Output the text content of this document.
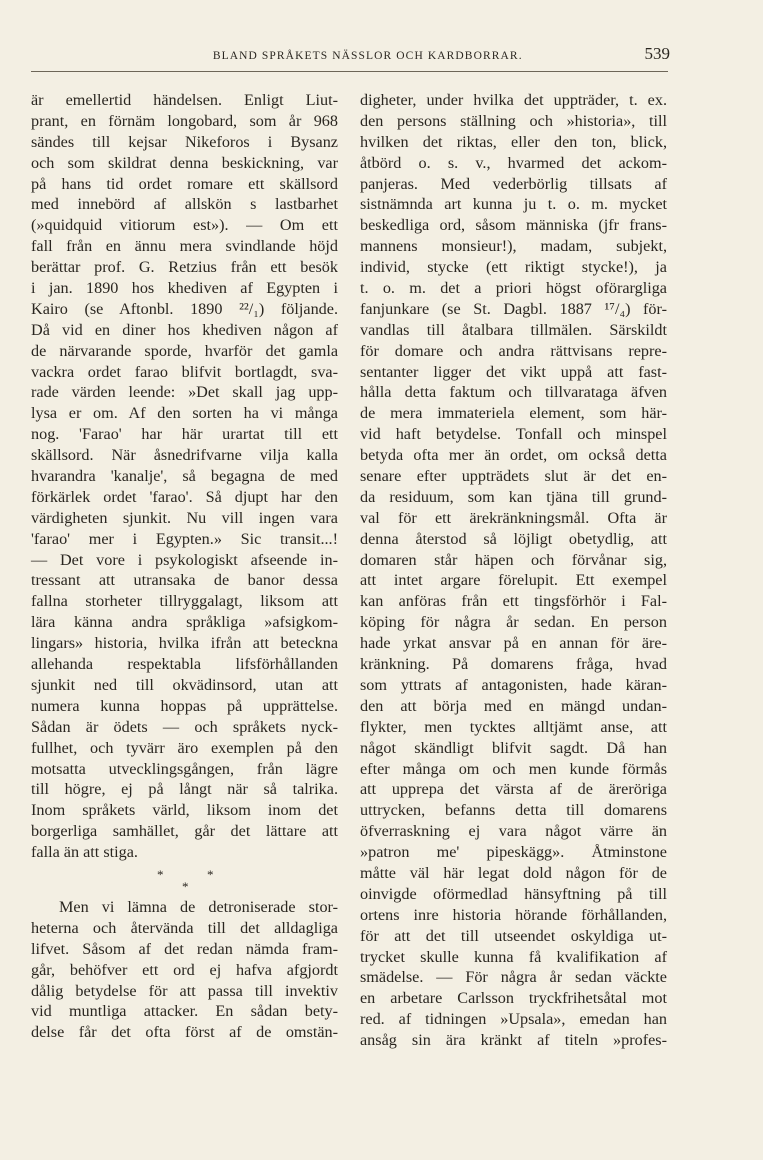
BLAND SPRÅKETS NÄSSLOR OCH KARDBORRAR.	539
är emellertid händelsen. Enligt Liut-
prant, en förnäm longobard, som år 968
sändes till kejsar Nikeforos i Bysanz
och som skildrat denna beskickning, var
på hans tid ordet romare ett skällsord
med innebörd af allskön s lastbarhet
(»quidquid vitiorum est»). — Om ett
fall från en ännu mera svindlande höjd
berättar prof. G. Retzius från ett besök
i jan. 1890 hos khediven af Egypten i
Kairo (se Aftonbl. 1890 ²²/₁) följande.
Då vid en diner hos khediven någon af
de närvarande sporde, hvarför det gamla
vackra ordet farao blifvit bortlagdt, sva-
rade värden leende: »Det skall jag upp-
lysa er om. Af den sorten ha vi många
nog. 'Farao' har här urartat till ett
skällsord. När åsnedrifvarne vilja kalla
hvarandra 'kanalje', så begagna de med
förkärlek ordet 'farao'. Så djupt har den
värdigheten sjunkit. Nu vill ingen vara
'farao' mer i Egypten.» Sic transit...!
— Det vore i psykologiskt afseende in-
tressant att utransaka de banor dessa
fallna storheter tillryggalagt, liksom att
lära känna andra språkliga »afsigkom-
lingars» historia, hvilka ifrån att beteckna
allehanda respektabla lifsförhållanden
sjunkit ned till okvädinsord, utan att
numera kunna hoppas på upprättelse.
Sådan är ödets — och språkets nyck-
fullhet, och tyvärr äro exemplen på den
motsatta utvecklingsgången, från lägre
till högre, ej på långt när så talrika.
Inom språkets värld, liksom inom det
borgerliga samhället, går det lättare att
falla än att stiga.
*	*
*
Men vi lämna de detroniserade stor-
heterna och återvända till det alldagliga
lifvet. Såsom af det redan nämda fram-
går, behöfver ett ord ej hafva afgjordt
dålig betydelse för att passa till invektiv
vid muntliga attacker. En sådan bety-
delse får det ofta först af de omstän-
digheter, under hvilka det uppträder, t. ex.
den persons ställning och »historia», till
hvilken det riktas, eller den ton, blick,
åtbörd o. s. v., hvarmed det ackom-
panjeras. Med vederbörlig tillsats af
sistnämnda art kunna ju t. o. m. mycket
beskedliga ord, såsom människa (jfr frans-
mannens monsieur!), madam, subjekt,
individ, stycke (ett riktigt stycke!), ja
t. o. m. det a priori högst oförargliga
fanjunkare (se St. Dagbl. 1887 ¹⁷/₄) för-
vandlas till åtalbara tillmälen. Särskildt
för domare och andra rättvisans repre-
sentanter ligger det vikt uppå att fast-
hålla detta faktum och tillvarataga äfven
de mera immateriela element, som här-
vid haft betydelse. Tonfall och minspel
betyda ofta mer än ordet, om också detta
senare efter uppträdets slut är det en-
da residuum, som kan tjäna till grund-
val för ett ärekränkningsmål. Ofta är
denna återstod så löjligt obetydlig, att
domaren står häpen och förvånar sig,
att intet argare förelupit. Ett exempel
kan anföras från ett tingsförhör i Fal-
köping för några år sedan. En person
hade yrkat ansvar på en annan för äre-
kränkning. På domarens fråga, hvad
som yttrats af antagonisten, hade käran-
den att börja med en mängd undan-
flykter, men tycktes alltjämt anse, att
något skändligt blifvit sagdt. Då han
efter många om och men kunde förmås
att upprepa det värsta af de äreröriga
uttrycken, befanns detta till domarens
öfverraskning ej vara något värre än
»patron me' pipeskägg». Åtminstone
måtte väl här legat dold någon för de
oinvigde oförmedlad hänsyftning på till
ortens inre historia hörande förhållanden,
för att det till utseendet oskyldiga ut-
trycket skulle kunna få kvalifikation af
smädelse. — För några år sedan väckte
en arbetare Carlsson tryckfrihetsåtal mot
red. af tidningen »Upsala», emedan han
ansåg sin ära kränkt af titeln »profes-
